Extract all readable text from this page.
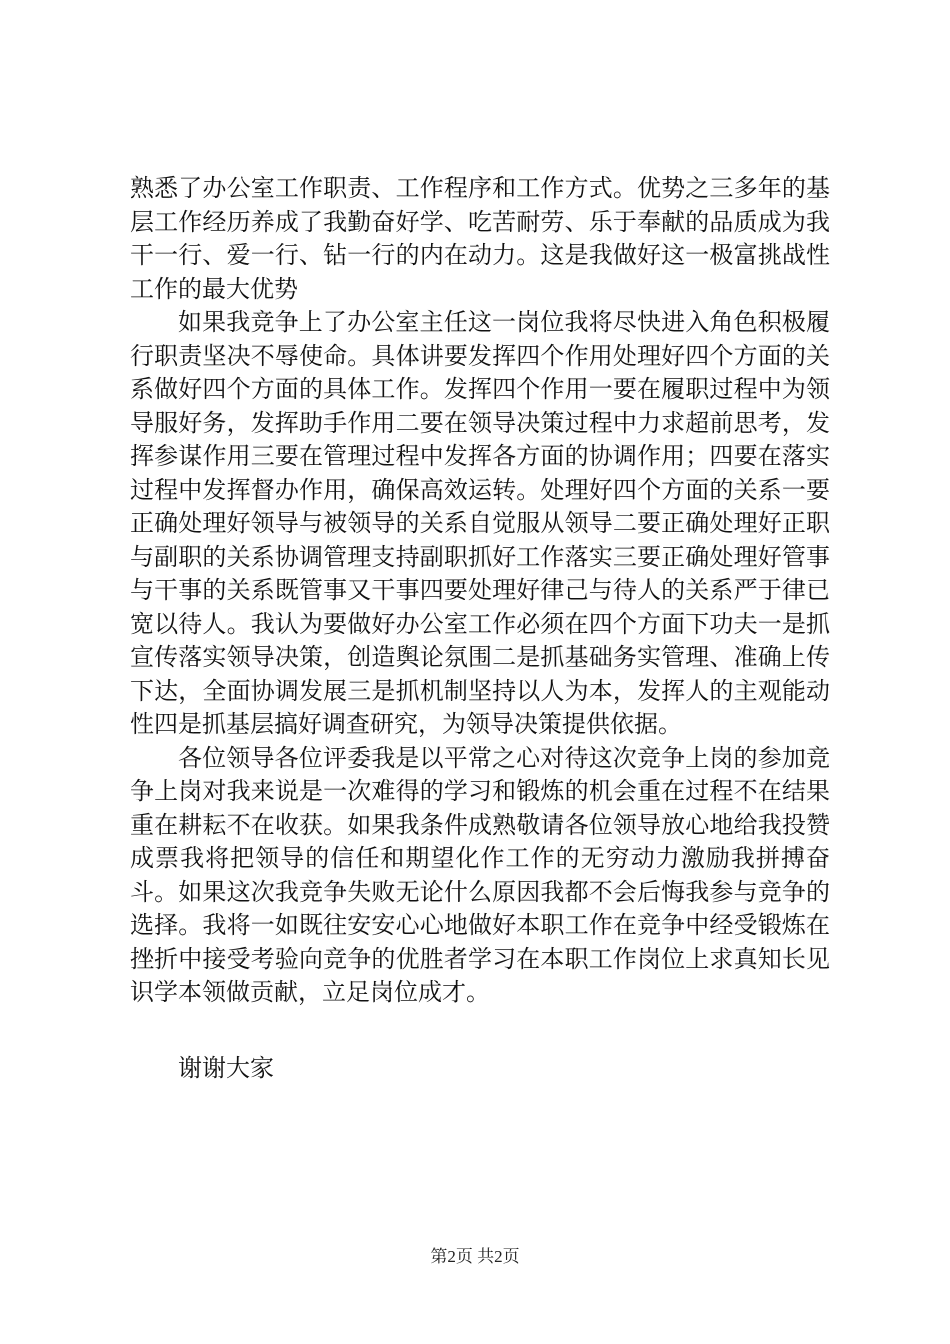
熟悉了办公室工作职责、工作程序和工作方式。优势之三多年的基层工作经历养成了我勤奋好学、吃苦耐劳、乐于奉献的品质成为我干一行、爱一行、钻一行的内在动力。这是我做好这一极富挑战性工作的最大优势

如果我竞争上了办公室主任这一岗位我将尽快进入角色积极履行职责坚决不辱使命。具体讲要发挥四个作用处理好四个方面的关系做好四个方面的具体工作。发挥四个作用一要在履职过程中为领导服好务，发挥助手作用二要在领导决策过程中力求超前思考，发挥参谋作用三要在管理过程中发挥各方面的协调作用；四要在落实过程中发挥督办作用，确保高效运转。处理好四个方面的关系一要正确处理好领导与被领导的关系自觉服从领导二要正确处理好正职与副职的关系协调管理支持副职抓好工作落实三要正确处理好管事与干事的关系既管事又干事四要处理好律己与待人的关系严于律已宽以待人。我认为要做好办公室工作必须在四个方面下功夫一是抓宣传落实领导决策，创造舆论氛围二是抓基础务实管理、准确上传下达，全面协调发展三是抓机制坚持以人为本，发挥人的主观能动性四是抓基层搞好调查研究，为领导决策提供依据。

各位领导各位评委我是以平常之心对待这次竞争上岗的参加竞争上岗对我来说是一次难得的学习和锻炼的机会重在过程不在结果重在耕耘不在收获。如果我条件成熟敬请各位领导放心地给我投赞成票我将把领导的信任和期望化作工作的无穷动力激励我拼搏奋斗。如果这次我竞争失败无论什么原因我都不会后悔我参与竞争的选择。我将一如既往安安心心地做好本职工作在竞争中经受锻炼在挫折中接受考验向竞争的优胜者学习在本职工作岗位上求真知长见识学本领做贡献，立足岗位成才。

谢谢大家
第2页 共2页
